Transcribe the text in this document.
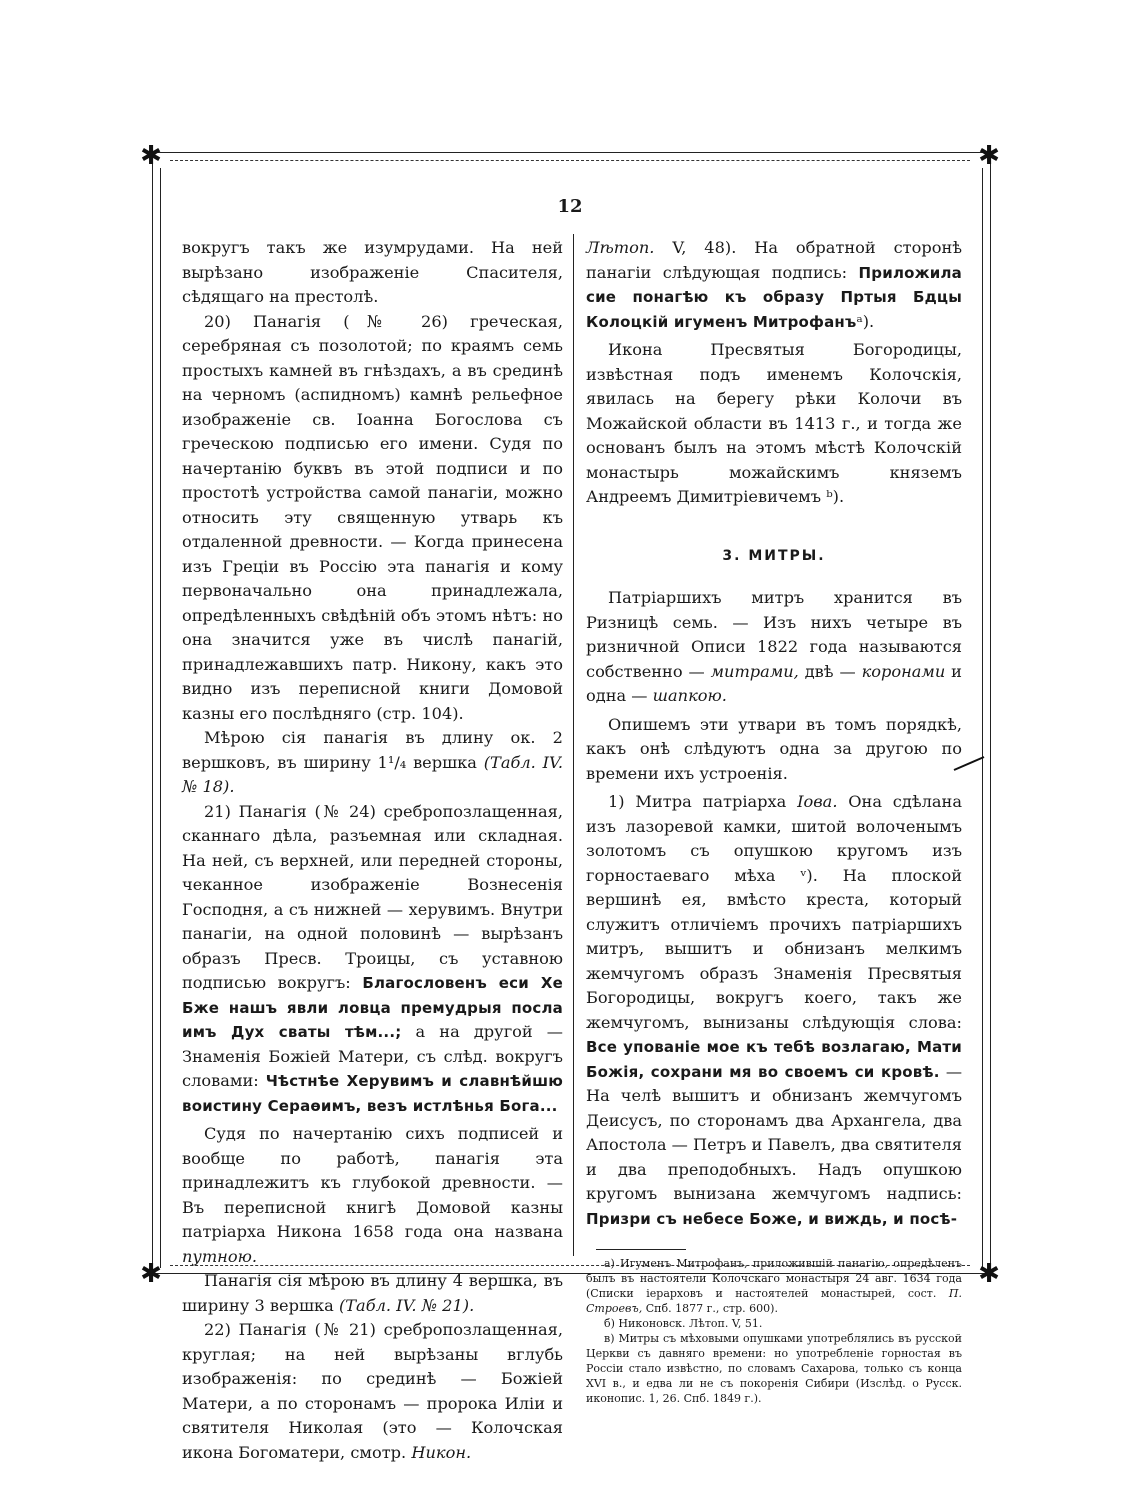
✱	✱
✱	✱
12

вокругъ такъ же изумрудами. На ней вырѣзано изображеніе Спасителя, сѣдящаго на престолѣ.

20) Панагія (№ 26) греческая, серебряная съ позолотой; по краямъ семь простыхъ камней въ гнѣздахъ, а въ срединѣ на черномъ (аспидномъ) камнѣ рельефное изображеніе св. Іоанна Богослова съ греческою подписью его имени. Судя по начертанію буквъ въ этой подписи и по простотѣ устройства самой панагіи, можно относить эту священную утварь къ отдаленной древности. — Когда принесена изъ Греціи въ Россію эта панагія и кому первоначально она принадлежала, опредѣленныхъ свѣдѣній объ этомъ нѣтъ: но она значится уже въ числѣ панагій, принадлежавшихъ патр. Никону, какъ это видно изъ переписной книги Домовой казны его послѣдняго (стр. 104).

Мѣрою сія панагія въ длину ок. 2 вершковъ, въ ширину 1¹/₄ вершка (Табл. IV. № 18).

21) Панагія (№ 24) сребропозлащенная, сканнаго дѣла, разъемная или складная. На ней, съ верхней, или передней стороны, чеканное изображеніе Вознесенія Господня, а съ нижней — херувимъ. Внутри панагіи, на одной половинѣ — вырѣзанъ образъ Пресв. Троицы, съ уставною подписью вокругъ: Благословенъ еси Хе Бже нашъ явли ловца премудрыя посла имъ Дух сваты тѣм...; а на другой — Знаменія Божіей Матери, съ слѣд. вокругъ словами: Чѣстнѣе Херувимъ и славнѣйшю воистину Сераѳимъ, везъ истлѣнья Бога...

Судя по начертанію сихъ подписей и вообще по работѣ, панагія эта принадлежитъ къ глубокой древности. — Въ переписной книгѣ Домовой казны патріарха Никона 1658 года она названа путною.

Панагія сія мѣрою въ длину 4 вершка, въ ширину 3 вершка (Табл. IV. № 21).

22) Панагія (№ 21) сребропозлащенная, круглая; на ней вырѣзаны вглубь изображенія: по срединѣ — Божіей Матери, а по сторонамъ — пророка Иліи и святителя Николая (это — Колочская икона Богоматери, смотр. Никон.

Лѣтоп. V, 48). На обратной сторонѣ панагіи слѣдующая подпись: Приложила сие понагѣю къ образу Пртыя Бдцы Колоцкій игуменъ Митрофанъᵃ).

Икона Пресвятыя Богородицы, извѣстная подъ именемъ Колочскія, явилась на берегу рѣки Колочи въ Можайской области въ 1413 г., и тогда же основанъ былъ на этомъ мѣстѣ Колочскій монастырь можайскимъ княземъ Андреемъ Димитріевичемъ ᵇ).

3. МИТРЫ.

Патріаршихъ митръ хранится въ Ризницѣ семь. — Изъ нихъ четыре въ ризничной Описи 1822 года называются собственно — митрами, двѣ — коронами и одна — шапкою.

Опишемъ эти утвари въ томъ порядкѣ, какъ онѣ слѣдуютъ одна за другою по времени ихъ устроенія.

1) Митра патріарха Іова. Она сдѣлана изъ лазоревой камки, шитой волоченымъ золотомъ съ опушкою кругомъ изъ горностаеваго мѣха ᵛ). На плоской вершинѣ ея, вмѣсто креста, который служитъ отличіемъ прочихъ патріаршихъ митръ, вышитъ и обнизанъ мелкимъ жемчугомъ образъ Знаменія Пресвятыя Богородицы, вокругъ коего, такъ же жемчугомъ, вынизаны слѣдующія слова: Все упованіе мое къ тебѣ возлагаю, Мати Божія, сохрани мя во своемъ си кровѣ. — На челѣ вышитъ и обнизанъ жемчугомъ Деисусъ, по сторонамъ два Архангела, два Апостола — Петръ и Павелъ, два святителя и два преподобныхъ. Надъ опушкою кругомъ вынизана жемчугомъ надпись: Призри съ небесе Боже, и виждь, и посѣ-

а) Игуменъ Митрофанъ, приложившій панагію, опредѣленъ былъ въ настоятели Колочскаго монастыря 24 авг. 1634 года (Списки іерарховъ и настоятелей монастырей, сост. П. Строевъ, Спб. 1877 г., стр. 600).

б) Никоновск. Лѣтоп. V, 51.

в) Митры съ мѣховыми опушками употреблялись въ русской Церкви съ давняго времени: но употребленіе горностая въ Россіи стало извѣстно, по словамъ Сахарова, только съ конца XVI в., и едва ли не съ покоренія Сибири (Изслѣд. о Русск. иконопис. 1, 26. Спб. 1849 г.).
